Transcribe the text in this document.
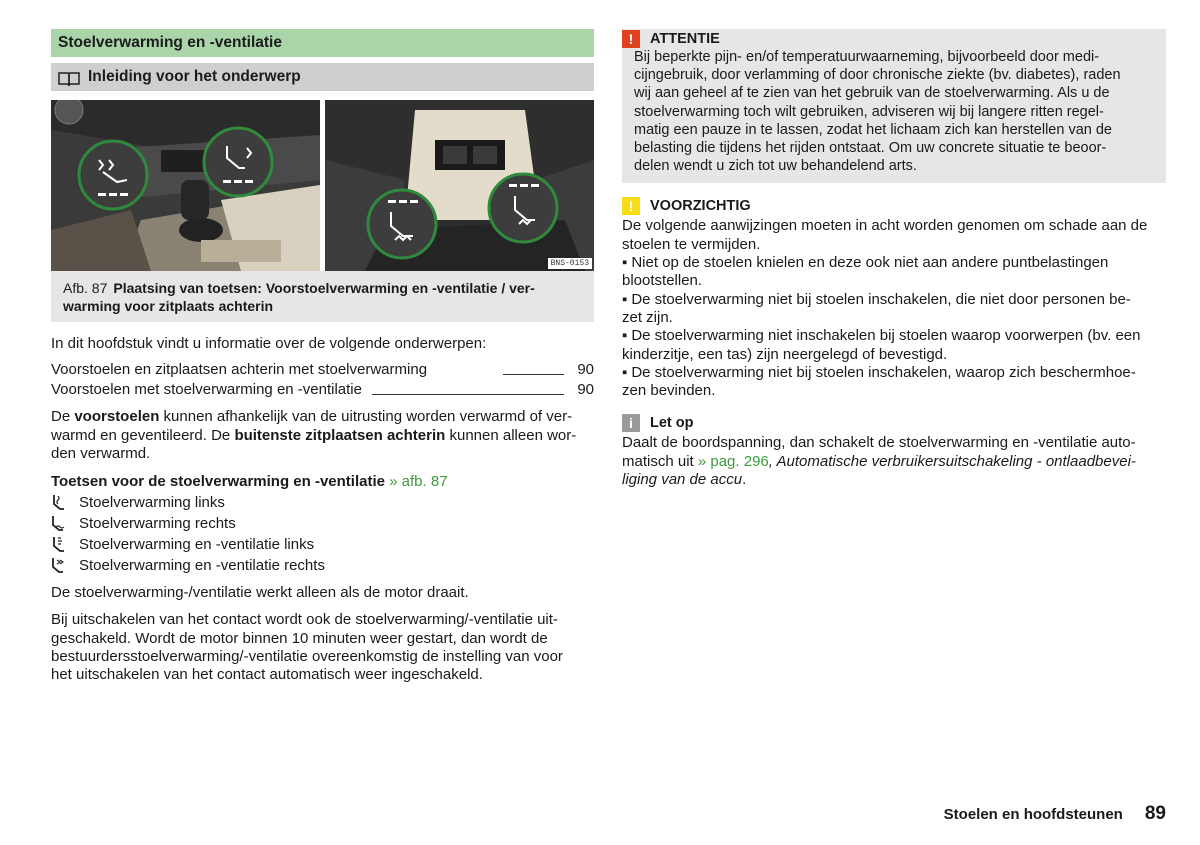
Stoelverwarming en -ventilatie
Inleiding voor het onderwerp
BNS-0153
Afb. 87 Plaatsing van toetsen: Voorstoelverwarming en -ventilatie / ver-
warming voor zitplaats achterin

In dit hoofdstuk vindt u informatie over de volgende onderwerpen:

Voorstoelen en zitplaatsen achterin met stoelverwarming	90
Voorstoelen met stoelverwarming en -ventilatie	90

De voorstoelen kunnen afhankelijk van de uitrusting worden verwarmd of ver-
warmd en geventileerd. De buitenste zitplaatsen achterin kunnen alleen wor-
den verwarmd.

Toetsen voor de stoelverwarming en -ventilatie » afb. 87
Stoelverwarming links
Stoelverwarming rechts
Stoelverwarming en -ventilatie links
Stoelverwarming en -ventilatie rechts

De stoelverwarming-/ventilatie werkt alleen als de motor draait.

Bij uitschakelen van het contact wordt ook de stoelverwarming/-ventilatie uit-
geschakeld. Wordt de motor binnen 10 minuten weer gestart, dan wordt de
bestuurdersstoelverwarming/-ventilatie overeenkomstig de instelling van voor
het uitschakelen van het contact automatisch weer ingeschakeld.

!	ATTENTIE

Bij beperkte pijn- en/of temperatuurwaarneming, bijvoorbeeld door medi-
cijngebruik, door verlamming of door chronische ziekte (bv. diabetes), raden
wij aan geheel af te zien van het gebruik van de stoelverwarming. Als u de
stoelverwarming toch wilt gebruiken, adviseren wij bij langere ritten regel-
matig een pauze in te lassen, zodat het lichaam zich kan herstellen van de
belasting die tijdens het rijden ontstaat. Om uw concrete situatie te beoor-
delen wendt u zich tot uw behandelend arts.

!	VOORZICHTIG

De volgende aanwijzingen moeten in acht worden genomen om schade aan de
stoelen te vermijden.

▪ Niet op de stoelen knielen en deze ook niet aan andere puntbelastingen
blootstellen.

▪ De stoelverwarming niet bij stoelen inschakelen, die niet door personen be-
zet zijn.

▪ De stoelverwarming niet inschakelen bij stoelen waarop voorwerpen (bv. een
kinderzitje, een tas) zijn neergelegd of bevestigd.

▪ De stoelverwarming niet bij stoelen inschakelen, waarop zich beschermhoe-
zen bevinden.

i	Let op

Daalt de boordspanning, dan schakelt de stoelverwarming en -ventilatie auto-
matisch uit » pag. 296, Automatische verbruikersuitschakeling - ontlaadbevei-
liging van de accu.

Stoelen en hoofdsteunen 89
